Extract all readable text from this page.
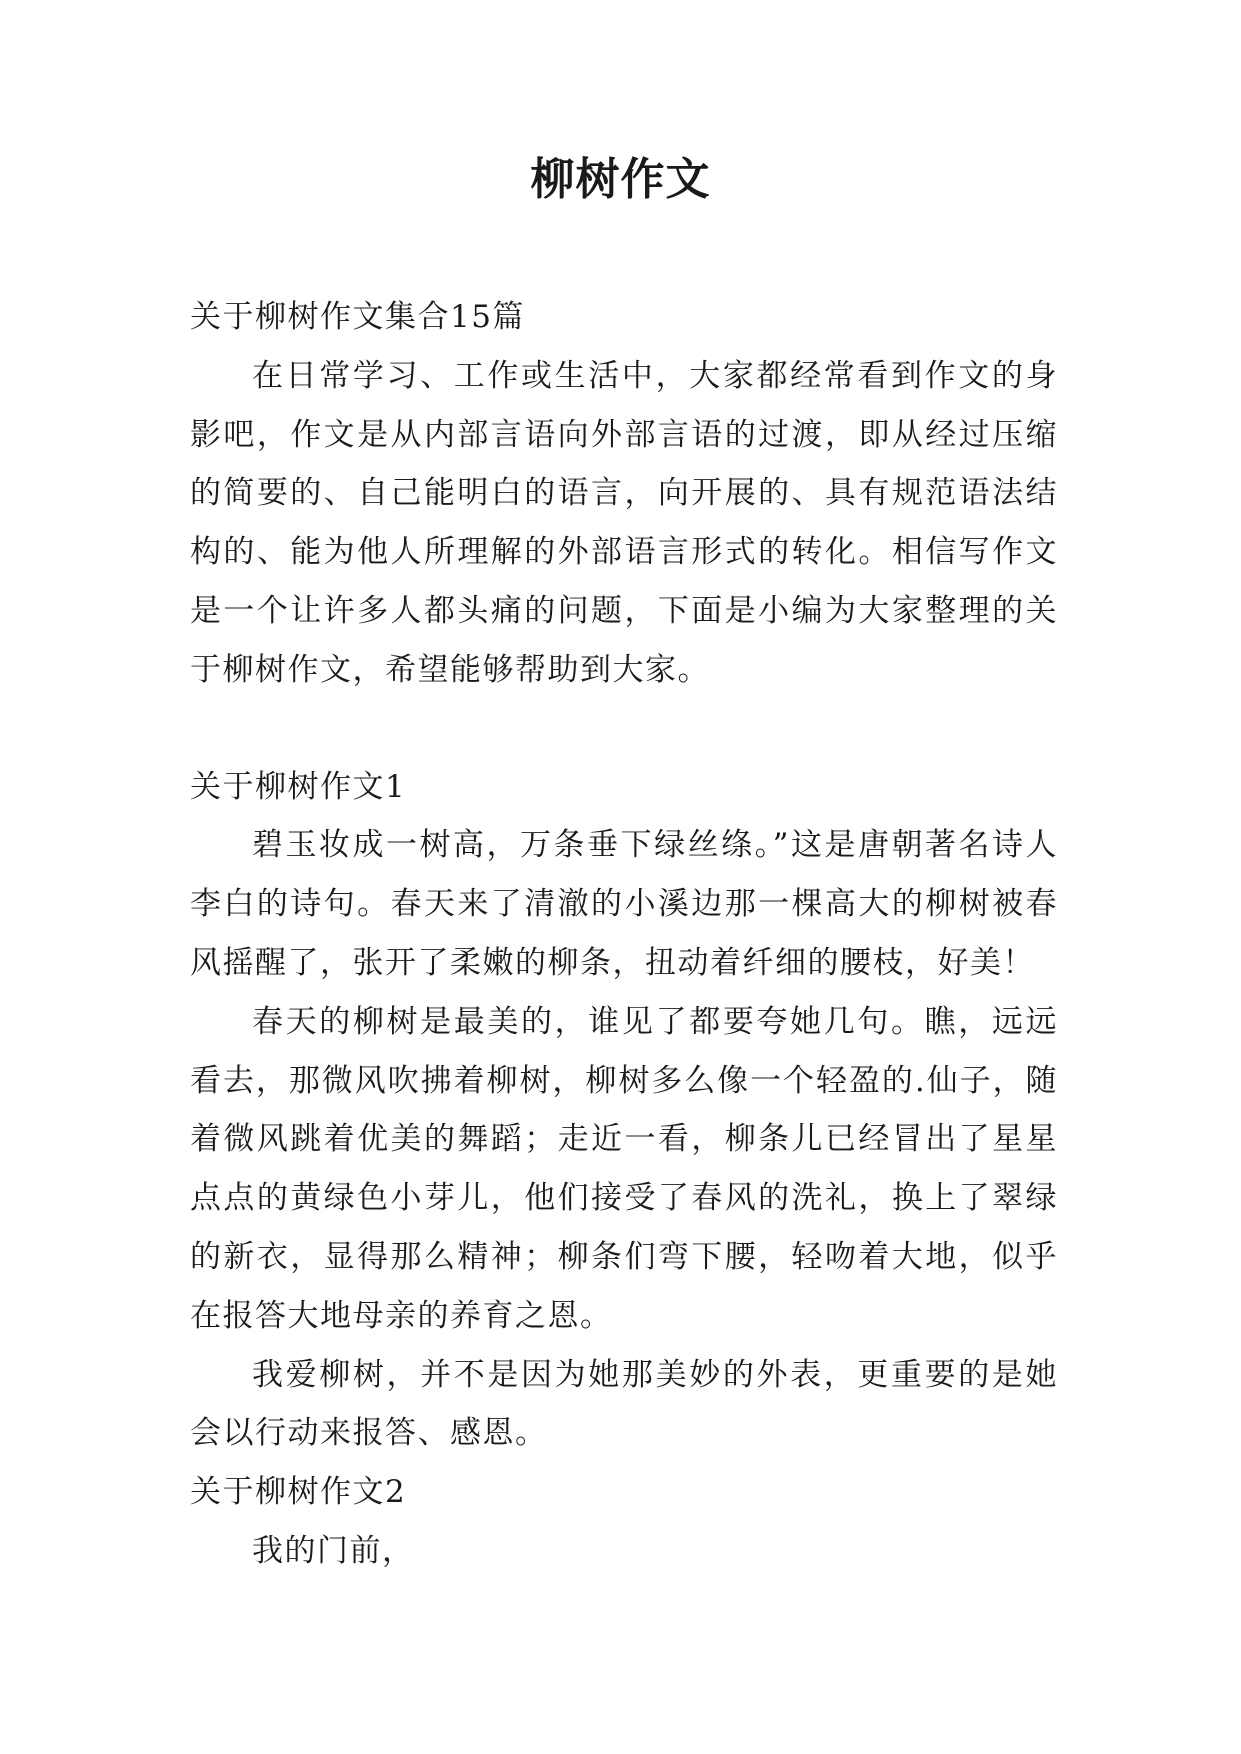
柳树作文

关于柳树作文集合15篇

在日常学习、工作或生活中，大家都经常看到作文的身影吧，作文是从内部言语向外部言语的过渡，即从经过压缩的简要的、自己能明白的语言，向开展的、具有规范语法结构的、能为他人所理解的外部语言形式的转化。相信写作文是一个让许多人都头痛的问题，下面是小编为大家整理的关于柳树作文，希望能够帮助到大家。

关于柳树作文1

碧玉妆成一树高，万条垂下绿丝绦。”这是唐朝著名诗人李白的诗句。春天来了清澈的小溪边那一棵高大的柳树被春风摇醒了，张开了柔嫩的柳条，扭动着纤细的腰枝，好美！

春天的柳树是最美的，谁见了都要夸她几句。瞧，远远看去，那微风吹拂着柳树，柳树多么像一个轻盈的.仙子，随着微风跳着优美的舞蹈；走近一看，柳条儿已经冒出了星星点点的黄绿色小芽儿，他们接受了春风的洗礼，换上了翠绿的新衣，显得那么精神；柳条们弯下腰，轻吻着大地，似乎在报答大地母亲的养育之恩。

我爱柳树，并不是因为她那美妙的外表，更重要的是她会以行动来报答、感恩。

关于柳树作文2

我的门前，
